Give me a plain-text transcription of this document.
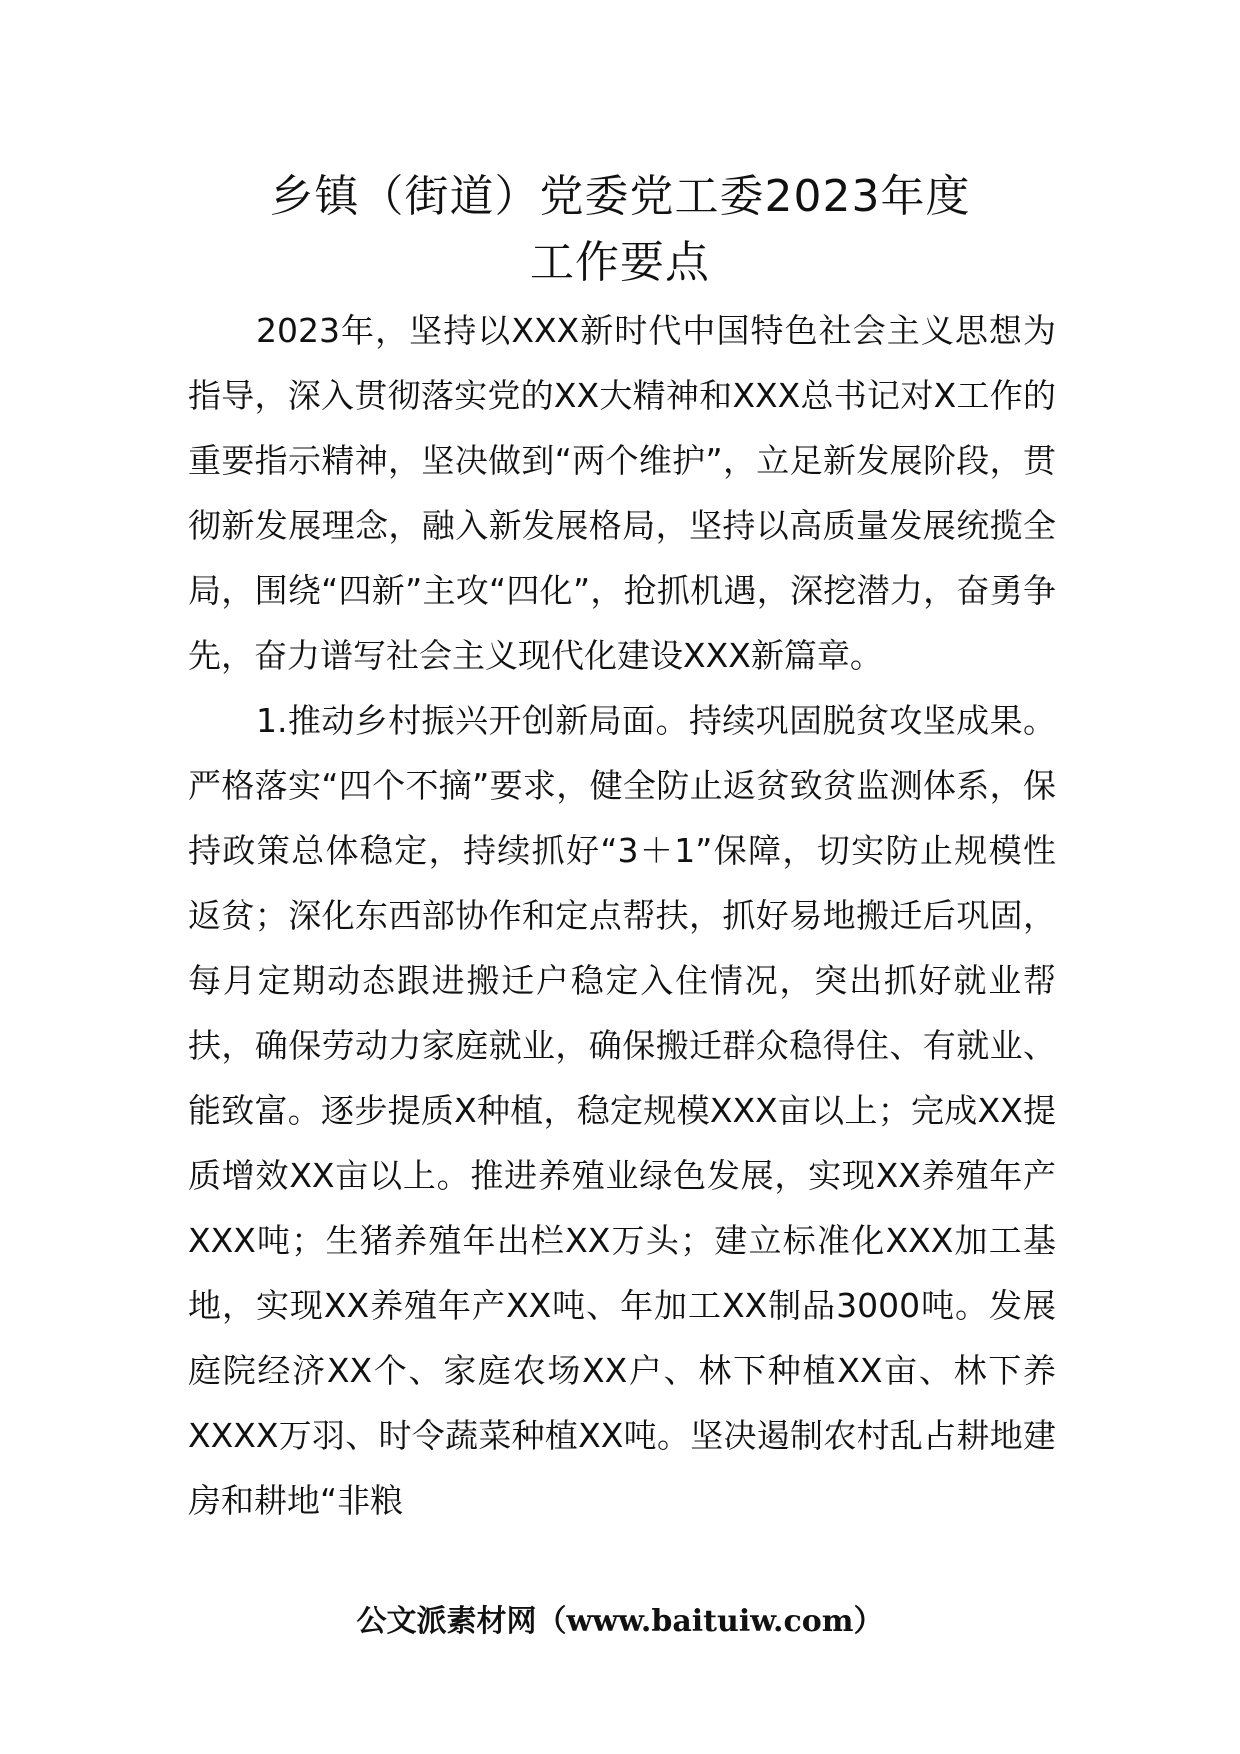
乡镇（街道）党委党工委2023年度
工作要点

2023年，坚持以XXX新时代中国特色社会主义思想为指导，深入贯彻落实党的XX大精神和XXX总书记对X工作的重要指示精神，坚决做到“两个维护”，立足新发展阶段，贯彻新发展理念，融入新发展格局，坚持以高质量发展统揽全局，围绕“四新”主攻“四化”，抢抓机遇，深挖潜力，奋勇争先，奋力谱写社会主义现代化建设XXX新篇章。

1.推动乡村振兴开创新局面。持续巩固脱贫攻坚成果。严格落实“四个不摘”要求，健全防止返贫致贫监测体系，保持政策总体稳定，持续抓好“3＋1”保障，切实防止规模性返贫；深化东西部协作和定点帮扶，抓好易地搬迁后巩固，每月定期动态跟进搬迁户稳定入住情况，突出抓好就业帮扶，确保劳动力家庭就业，确保搬迁群众稳得住、有就业、能致富。逐步提质X种植，稳定规模XXX亩以上；完成XX提质增效XX亩以上。推进养殖业绿色发展，实现XX养殖年产XXX吨；生猪养殖年出栏XX万头；建立标准化XXX加工基地，实现XX养殖年产XX吨、年加工XX制品3000吨。发展庭院经济XX个、家庭农场XX户、林下种植XX亩、林下养XXXX万羽、时令蔬菜种植XX吨。坚决遏制农村乱占耕地建房和耕地“非粮

公文派素材网（www.baituiw.com）
